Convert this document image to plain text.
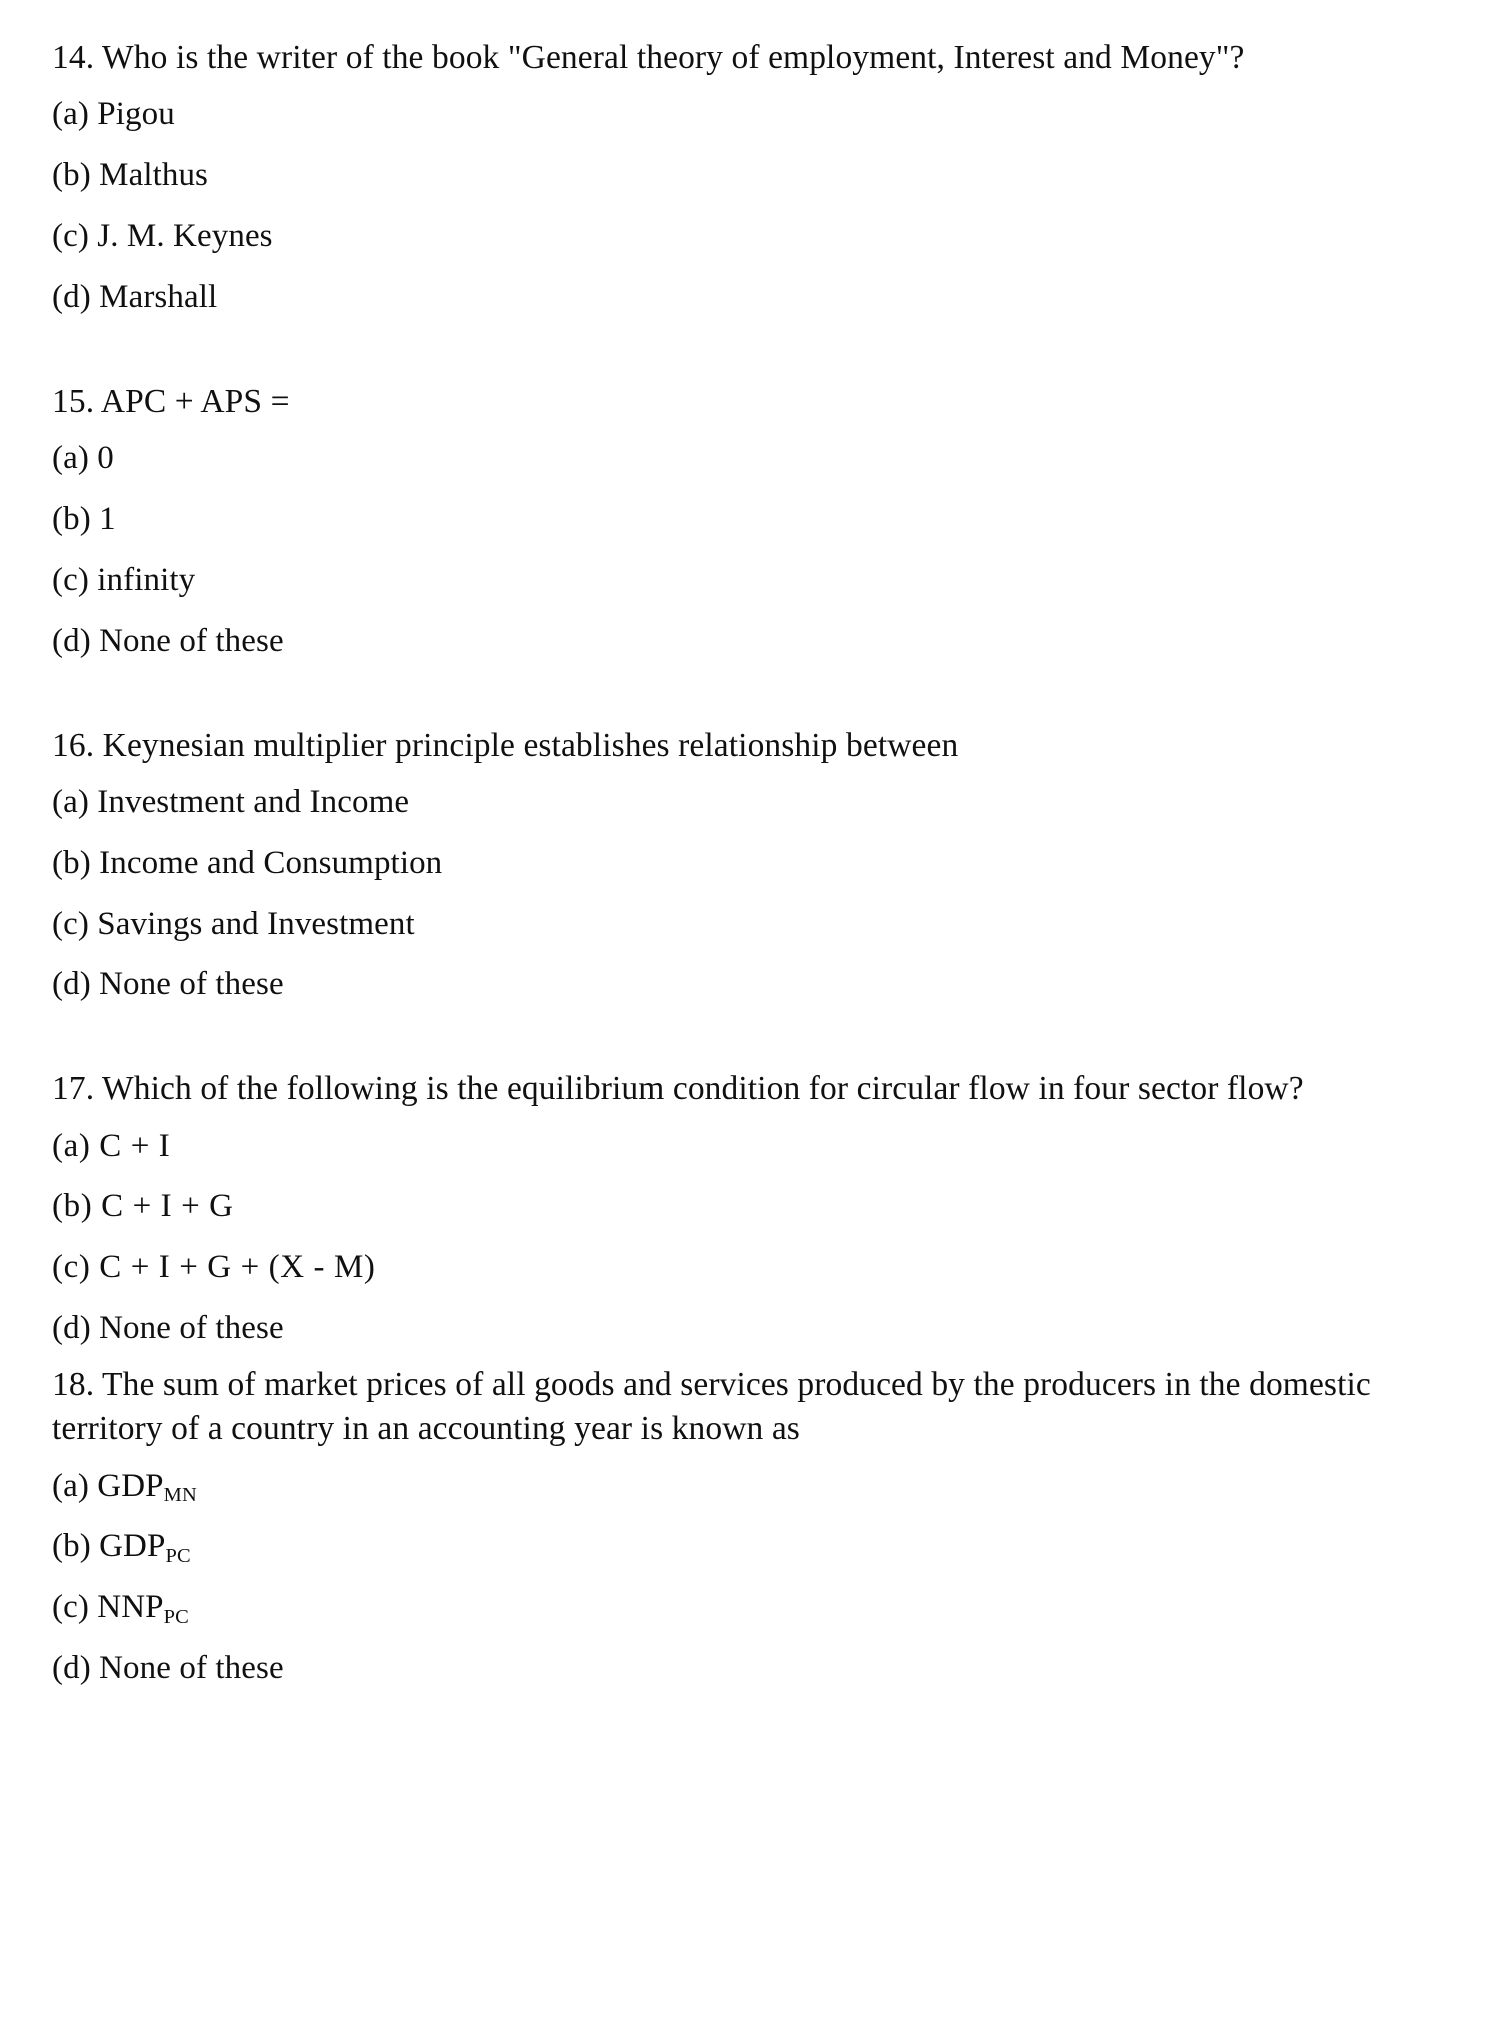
14. Who is the writer of the book "General theory of employment, Interest and Money"?

(a) Pigou

(b) Malthus

(c) J. M. Keynes

(d) Marshall

15. APC + APS =

(a) 0

(b) 1

(c) infinity

(d) None of these

16. Keynesian multiplier principle establishes relationship between

(a) Investment and Income

(b) Income and Consumption

(c) Savings and Investment

(d) None of these

17. Which of the following is the equilibrium condition for circular flow in four sector flow?

(a) C + I

(b) C + I + G

(c) C + I + G + (X - M)

(d) None of these

18. The sum of market prices of all goods and services produced by the producers in the domestic territory of a country in an accounting year is known as

(a) $GDP_{MN}$

(b) $GDP_{PC}$

(c) $NNP_{PC}$

(d) None of these
